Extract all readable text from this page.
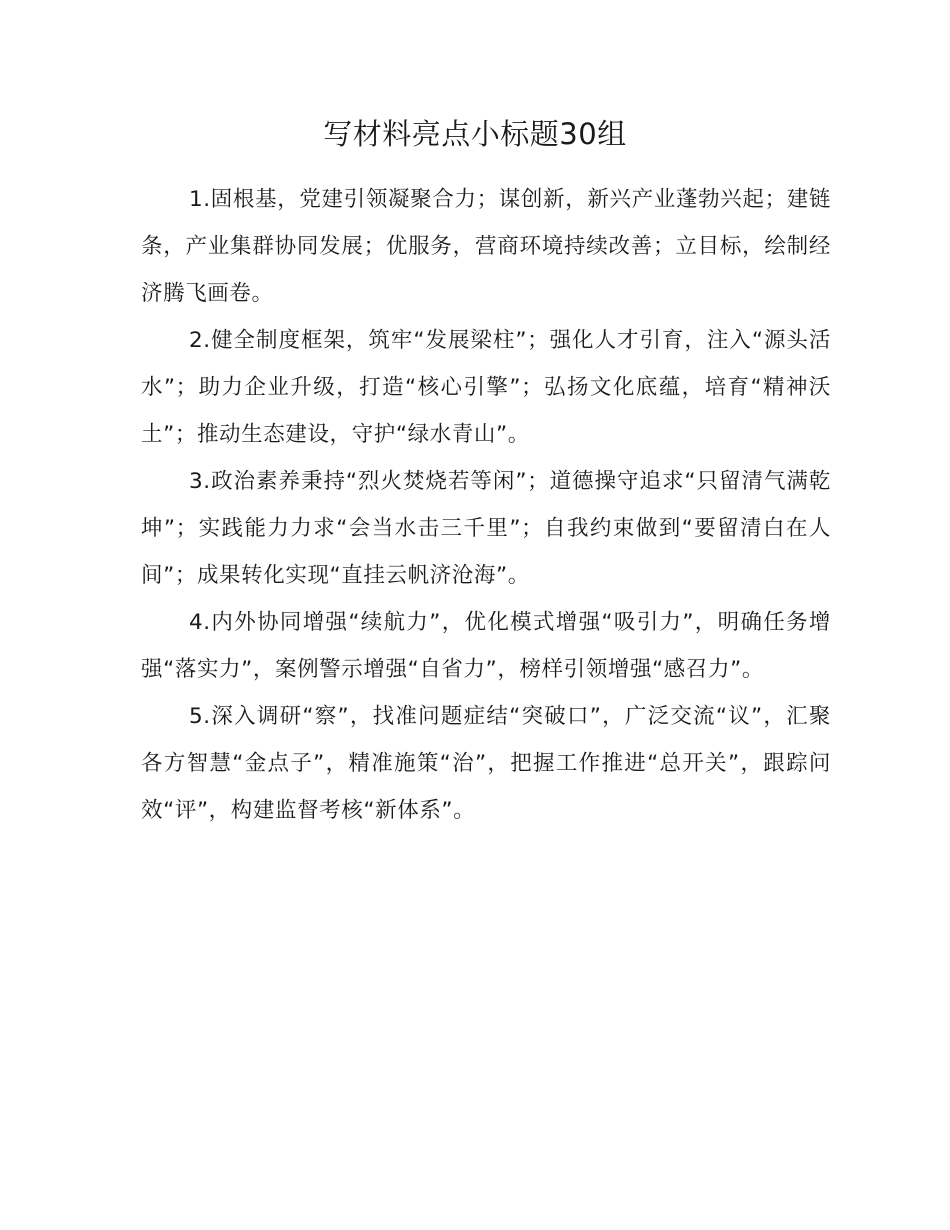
写材料亮点小标题30组

1.固根基，党建引领凝聚合力；谋创新，新兴产业蓬勃兴起；建链条，产业集群协同发展；优服务，营商环境持续改善；立目标，绘制经济腾飞画卷。

2.健全制度框架，筑牢“发展梁柱”；强化人才引育，注入“源头活水”；助力企业升级，打造“核心引擎”；弘扬文化底蕴，培育“精神沃土”；推动生态建设，守护“绿水青山”。

3.政治素养秉持“烈火焚烧若等闲”；道德操守追求“只留清气满乾坤”；实践能力力求“会当水击三千里”；自我约束做到“要留清白在人间”；成果转化实现“直挂云帆济沧海”。

4.内外协同增强“续航力”，优化模式增强“吸引力”，明确任务增强“落实力”，案例警示增强“自省力”，榜样引领增强“感召力”。

5.深入调研“察”，找准问题症结“突破口”，广泛交流“议”，汇聚各方智慧“金点子”，精准施策“治”，把握工作推进“总开关”，跟踪问效“评”，构建监督考核“新体系”。
